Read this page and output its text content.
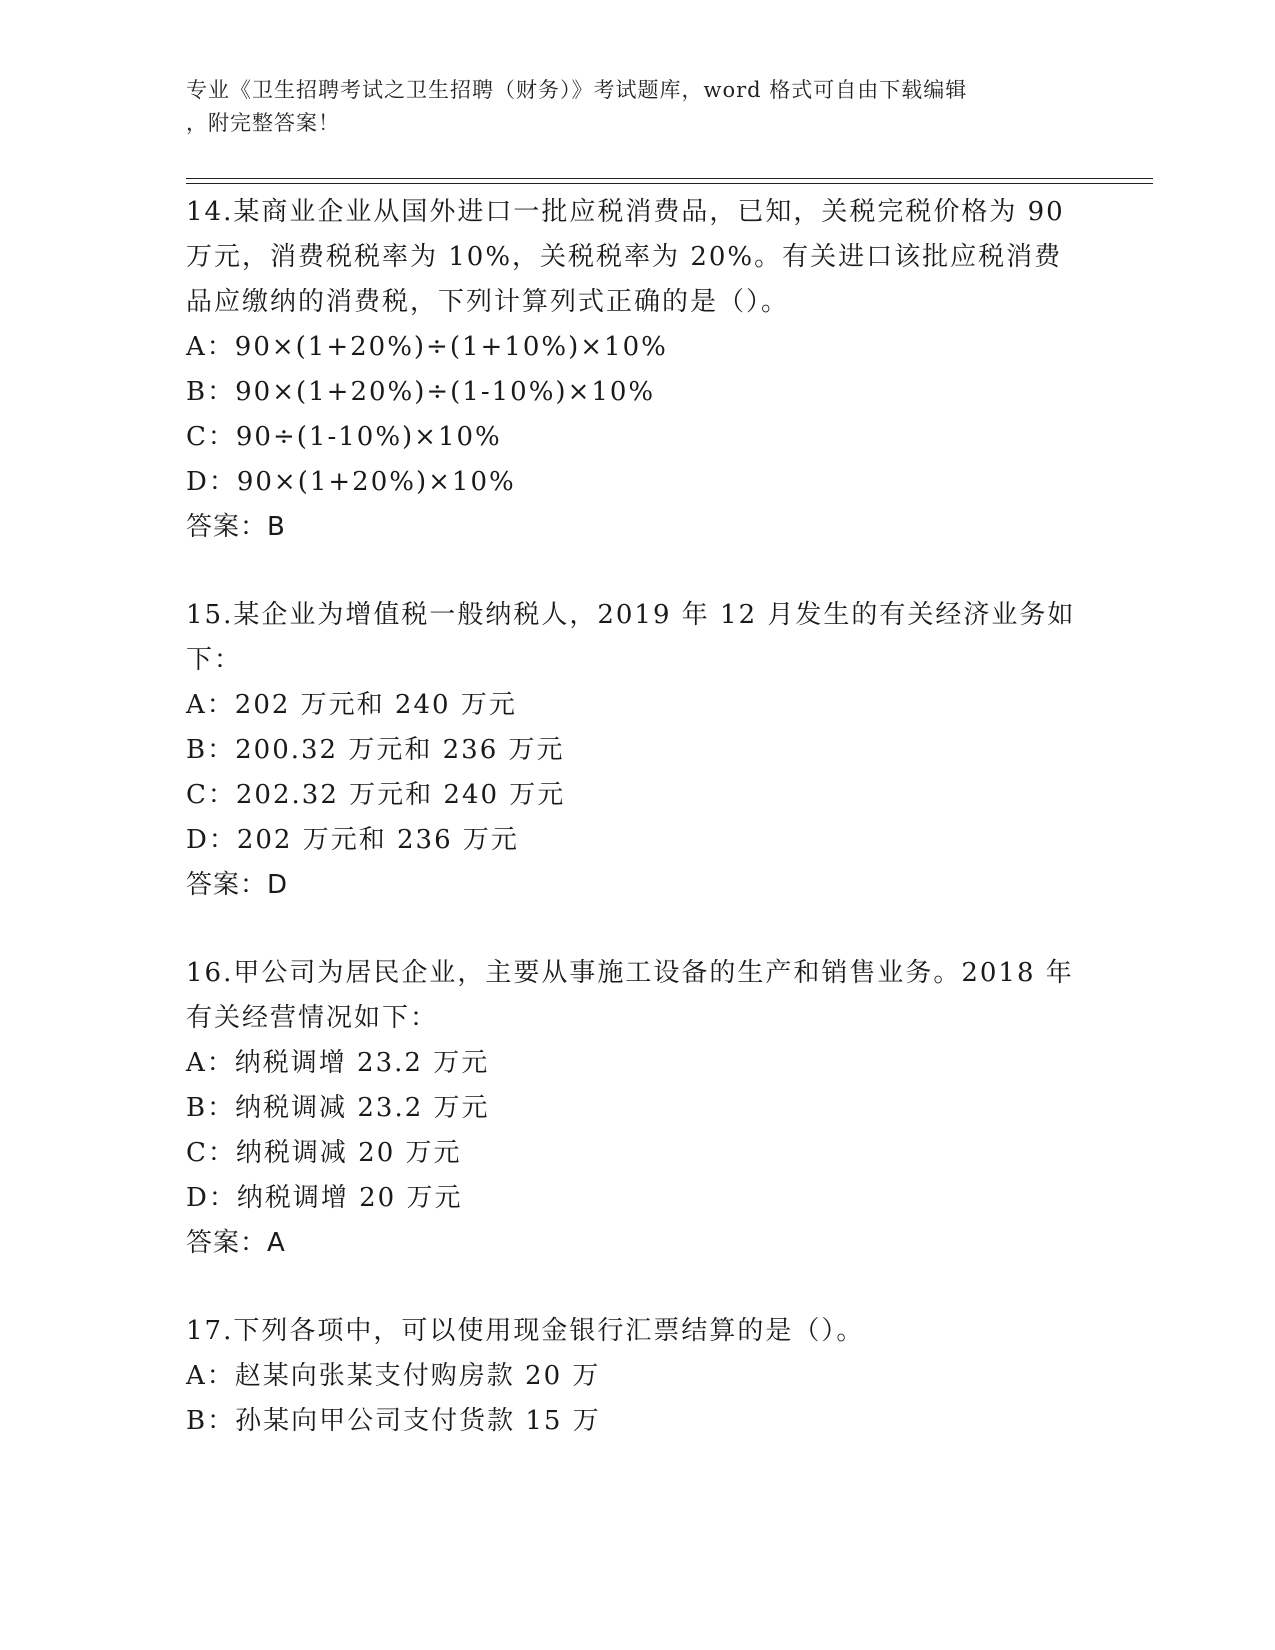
专业《卫生招聘考试之卫生招聘（财务）》考试题库，word 格式可自由下载编辑
，附完整答案！

14.某商业企业从国外进口一批应税消费品，已知，关税完税价格为 90

万元，消费税税率为 10%，关税税率为 20%。有关进口该批应税消费

品应缴纳的消费税，下列计算列式正确的是（）。

A：90×(1+20%)÷(1+10%)×10%

B：90×(1+20%)÷(1-10%)×10%

C：90÷(1-10%)×10%

D：90×(1+20%)×10%

答案：B

15.某企业为增值税一般纳税人，2019 年 12 月发生的有关经济业务如

下：

A：202 万元和 240 万元

B：200.32 万元和 236 万元

C：202.32 万元和 240 万元

D：202 万元和 236 万元

答案：D

16.甲公司为居民企业，主要从事施工设备的生产和销售业务。2018 年

有关经营情况如下：

A：纳税调增 23.2 万元

B：纳税调减 23.2 万元

C：纳税调减 20 万元

D：纳税调增 20 万元

答案：A

17.下列各项中，可以使用现金银行汇票结算的是（）。

A：赵某向张某支付购房款 20 万

B：孙某向甲公司支付货款 15 万
